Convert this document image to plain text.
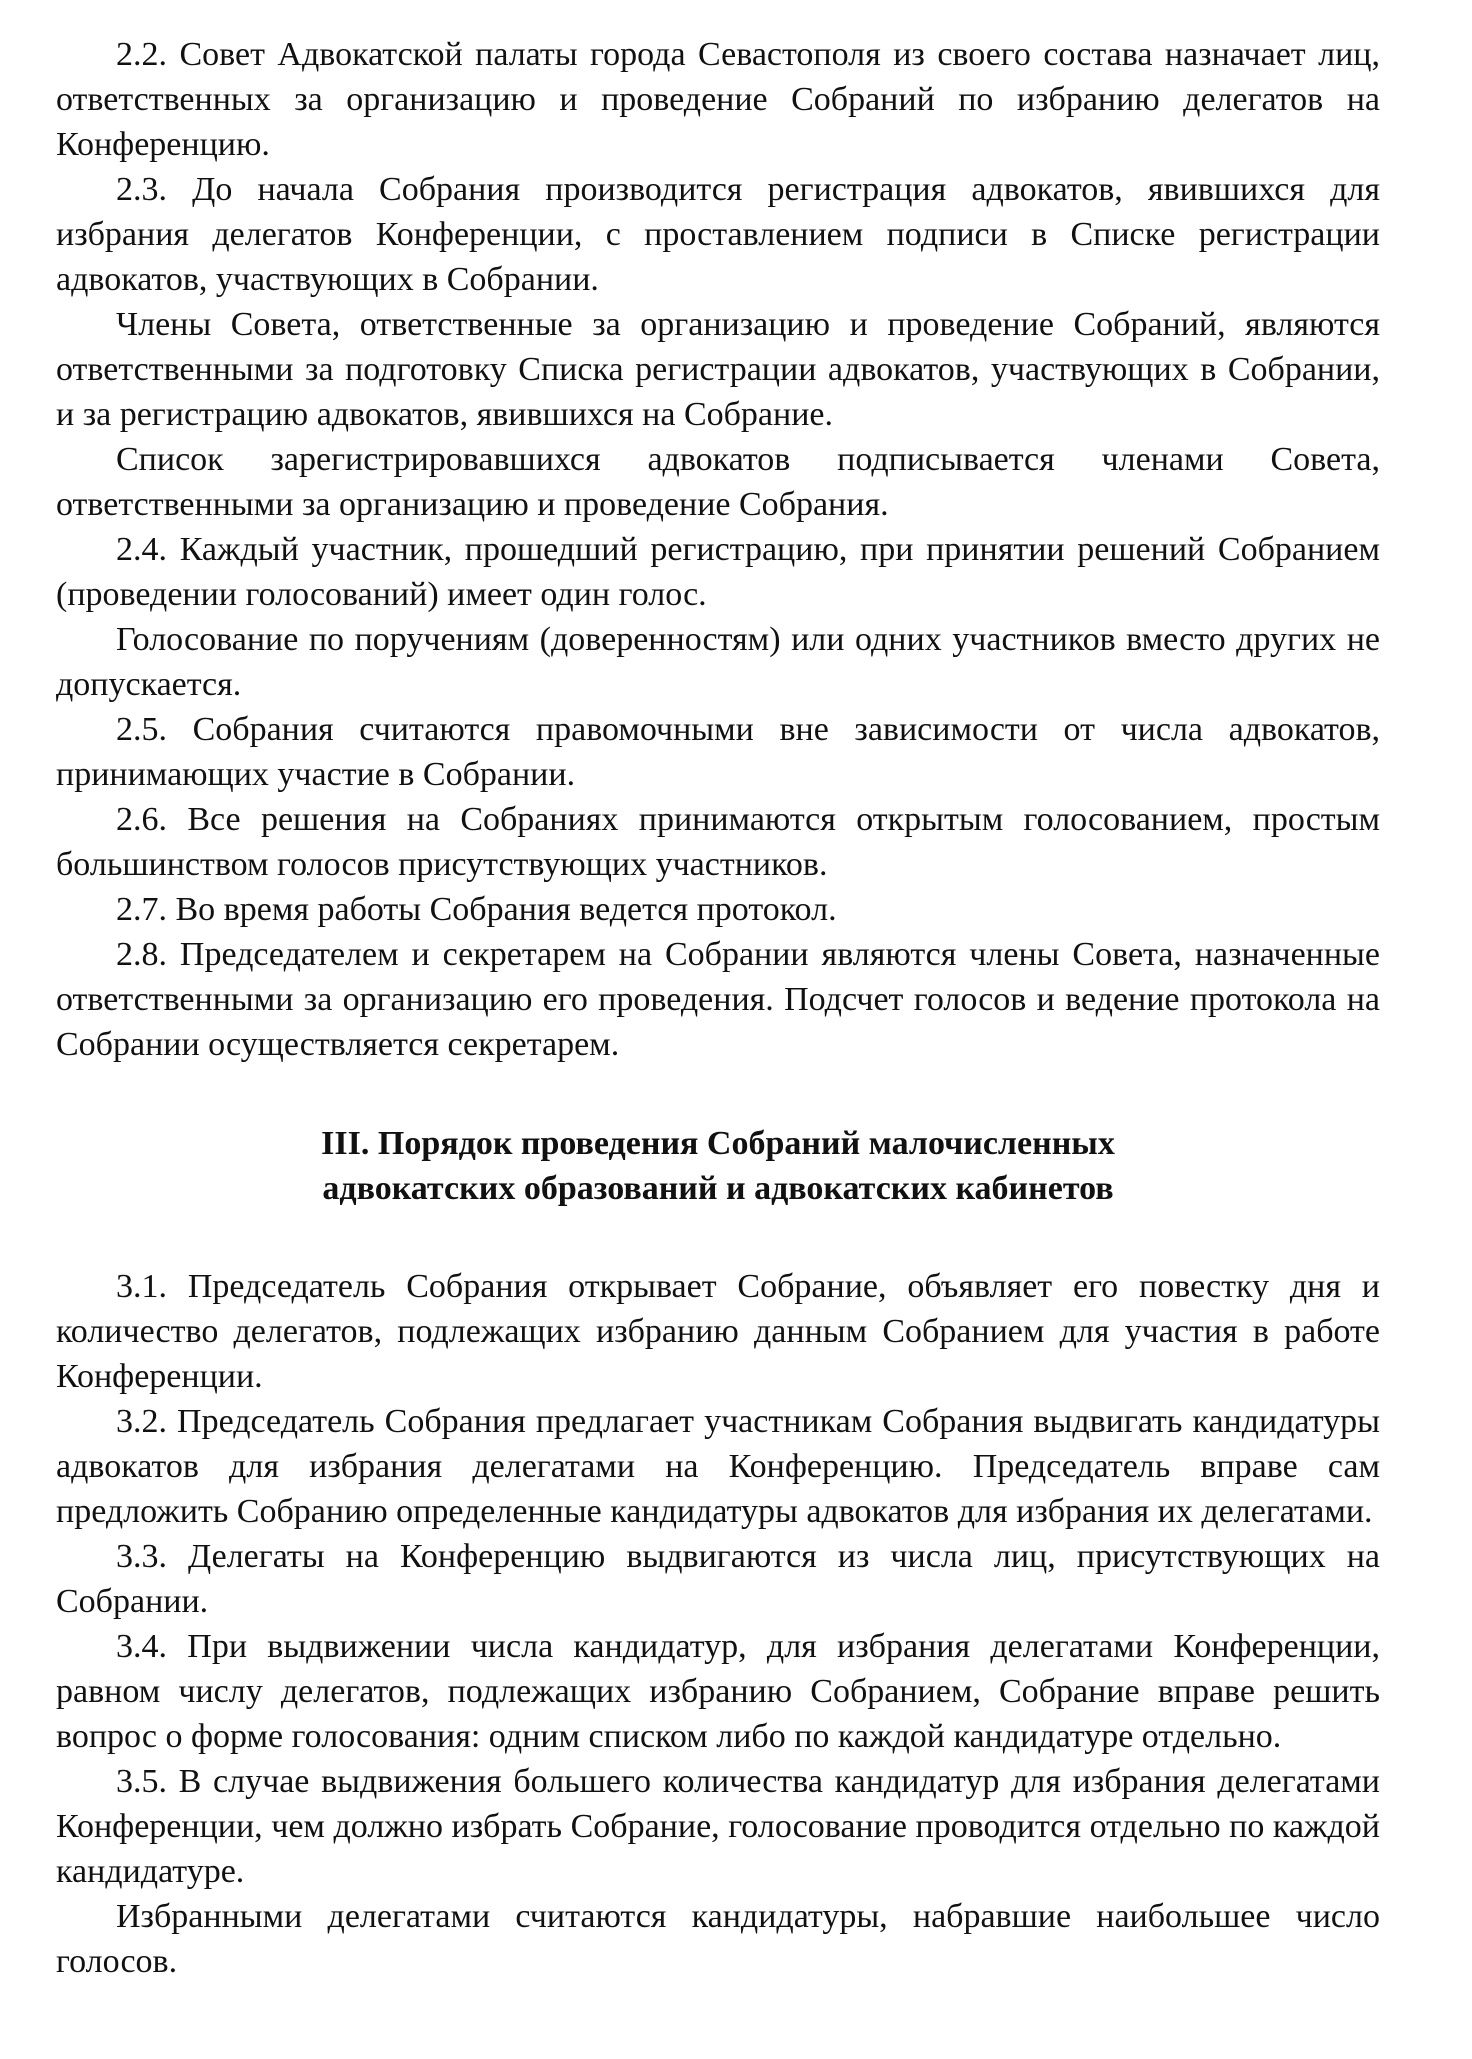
2.2. Совет Адвокатской палаты города Севастополя из своего состава назначает лиц, ответственных за организацию и проведение Собраний по избранию делегатов на Конференцию.

2.3. До начала Собрания производится регистрация адвокатов, явившихся для избрания делегатов Конференции, с проставлением подписи в Списке регистрации адвокатов, участвующих в Собрании.

Члены Совета, ответственные за организацию и проведение Собраний, являются ответственными за подготовку Списка регистрации адвокатов, участвующих в Собрании, и за регистрацию адвокатов, явившихся на Собрание.

Список зарегистрировавшихся адвокатов подписывается членами Совета, ответственными за организацию и проведение Собрания.

2.4. Каждый участник, прошедший регистрацию, при принятии решений Собранием (проведении голосований) имеет один голос.

Голосование по поручениям (доверенностям) или одних участников вместо других не допускается.

2.5. Собрания считаются правомочными вне зависимости от числа адвокатов, принимающих участие в Собрании.

2.6. Все решения на Собраниях принимаются открытым голосованием, простым большинством голосов присутствующих участников.

2.7. Во время работы Собрания ведется протокол.

2.8. Председателем и секретарем на Собрании являются члены Совета, назначенные ответственными за организацию его проведения. Подсчет голосов и ведение протокола на Собрании осуществляется секретарем.

III. Порядок проведения Собраний малочисленных
адвокатских образований и адвокатских кабинетов

3.1. Председатель Собрания открывает Собрание, объявляет его повестку дня и количество делегатов, подлежащих избранию данным Собранием для участия в работе Конференции.

3.2. Председатель Собрания предлагает участникам Собрания выдвигать кандидатуры адвокатов для избрания делегатами на Конференцию. Председатель вправе сам предложить Собранию определенные кандидатуры адвокатов для избрания их делегатами.

3.3. Делегаты на Конференцию выдвигаются из числа лиц, присутствующих на Собрании.

3.4. При выдвижении числа кандидатур, для избрания делегатами Конференции, равном числу делегатов, подлежащих избранию Собранием, Собрание вправе решить вопрос о форме голосования: одним списком либо по каждой кандидатуре отдельно.

3.5. В случае выдвижения большего количества кандидатур для избрания делегатами Конференции, чем должно избрать Собрание, голосование проводится отдельно по каждой кандидатуре.

Избранными делегатами считаются кандидатуры, набравшие наибольшее число голосов.
